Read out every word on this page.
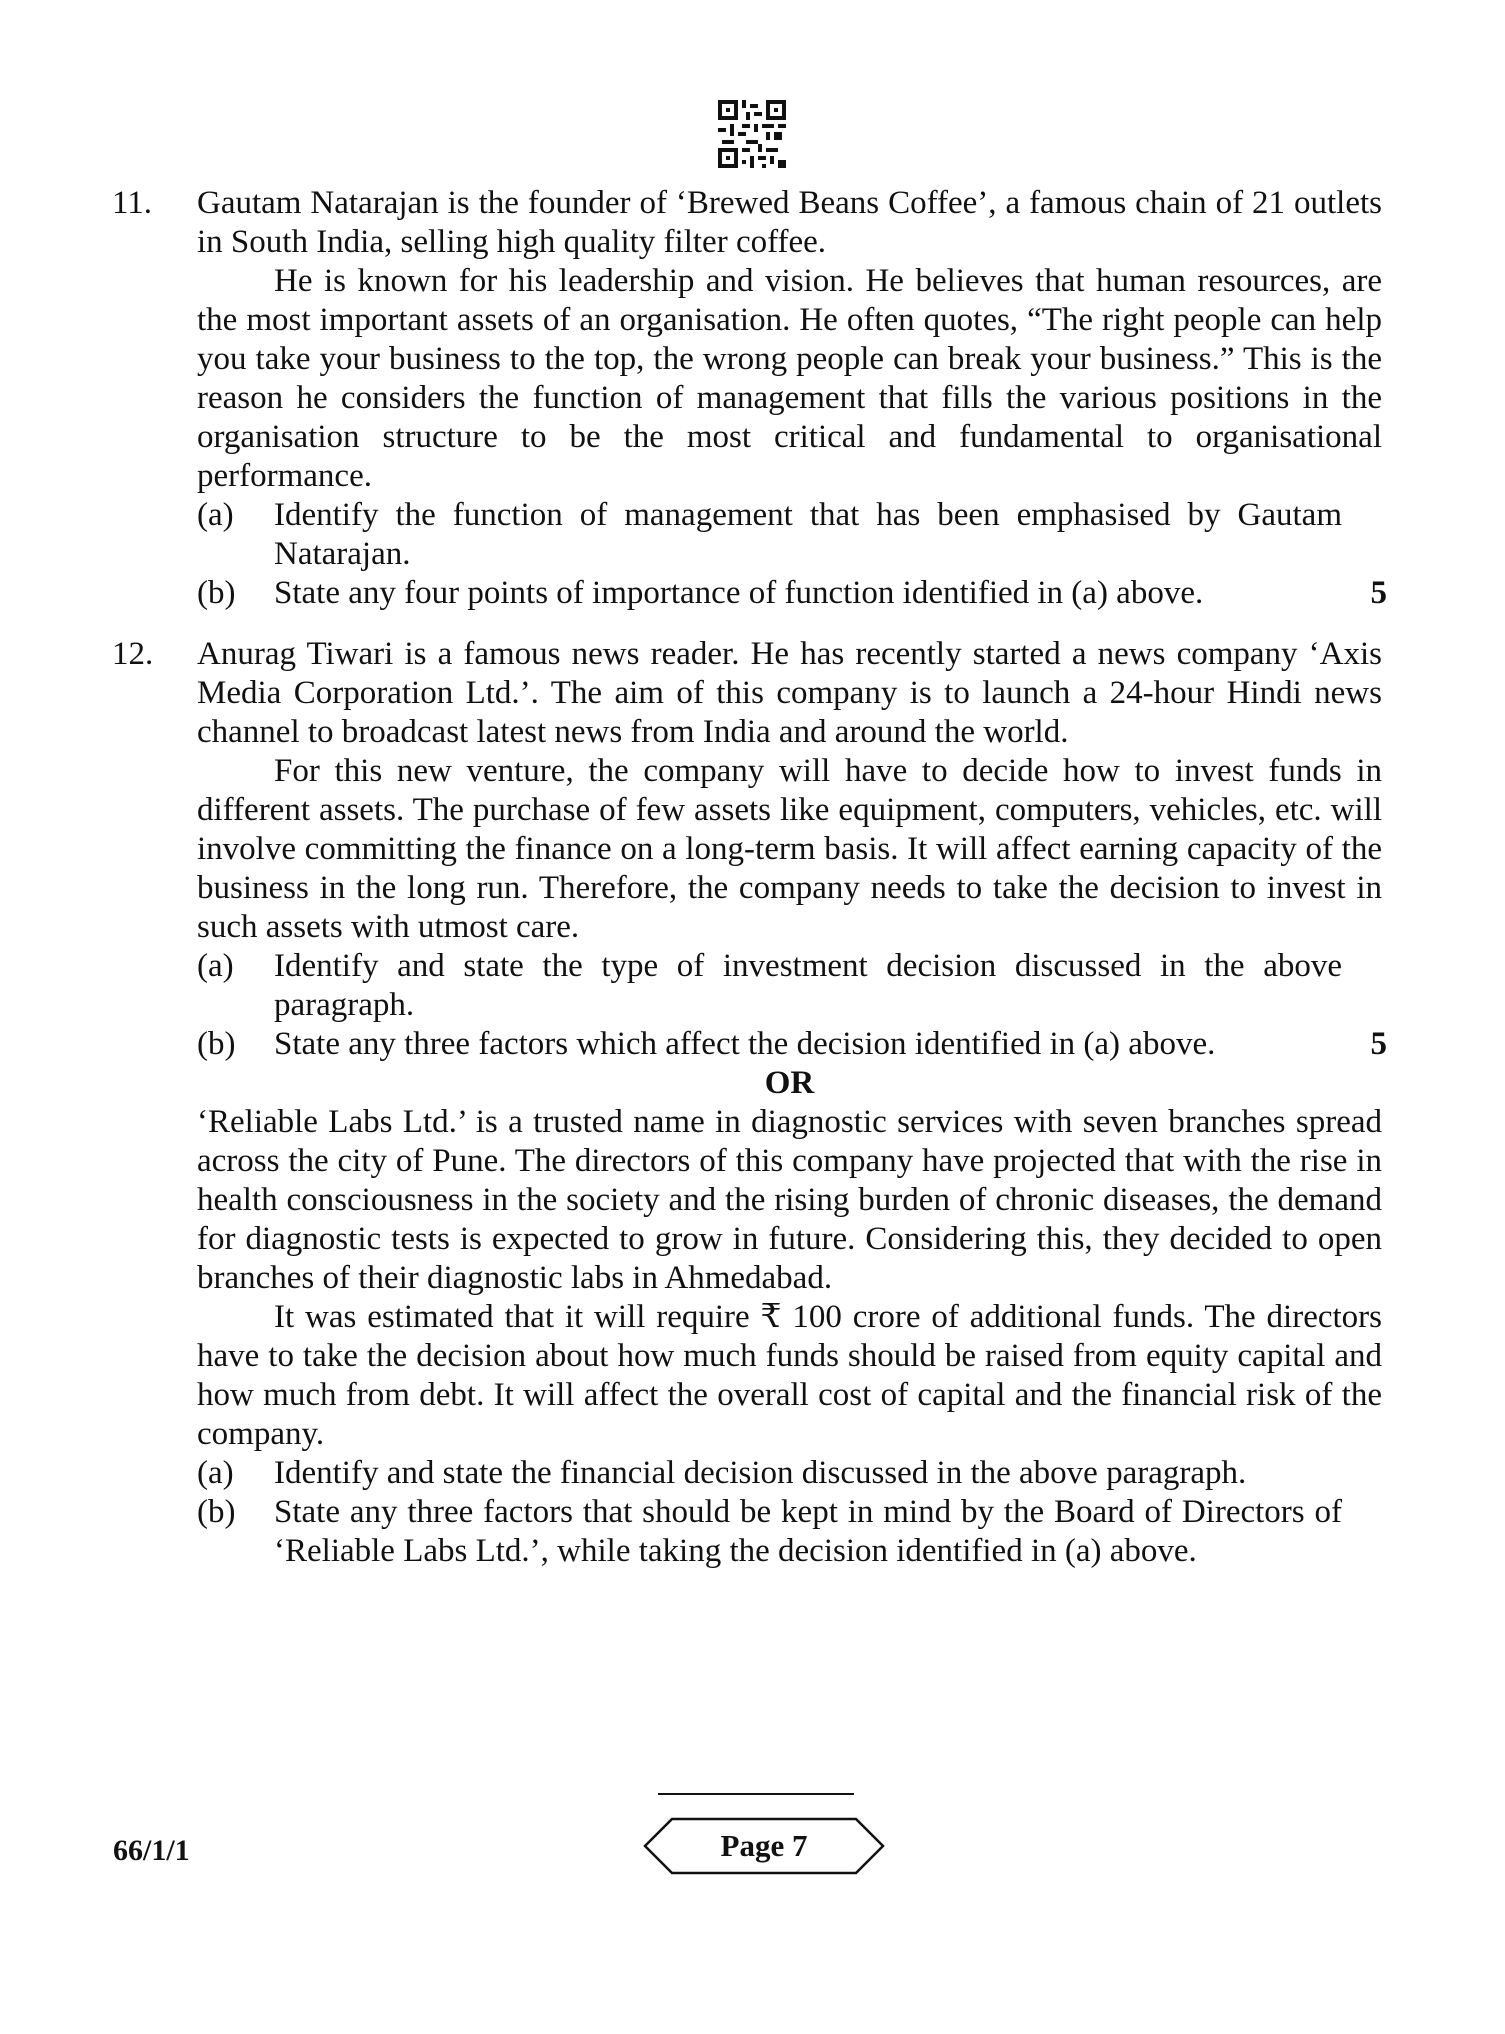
11.	Gautam Natarajan is the founder of ‘Brewed Beans Coffee’, a famous chain of 21 outlets in South India, selling high quality filter coffee.

He is known for his leadership and vision. He believes that human resources, are the most important assets of an organisation. He often quotes, “The right people can help you take your business to the top, the wrong people can break your business.” This is the reason he considers the function of management that fills the various positions in the organisation structure to be the most critical and fundamental to organisational performance.

(a) Identify the function of management that has been emphasised by Gautam Natarajan.
(b) State any four points of importance of function identified in (a) above.	5
12.	Anurag Tiwari is a famous news reader. He has recently started a news company ‘Axis Media Corporation Ltd.’. The aim of this company is to launch a 24-hour Hindi news channel to broadcast latest news from India and around the world.

For this new venture, the company will have to decide how to invest funds in different assets. The purchase of few assets like equipment, computers, vehicles, etc. will involve committing the finance on a long-term basis. It will affect earning capacity of the business in the long run. Therefore, the company needs to take the decision to invest in such assets with utmost care.

(a) Identify and state the type of investment decision discussed in the above paragraph.
(b) State any three factors which affect the decision identified in (a) above.	5

OR

‘Reliable Labs Ltd.’ is a trusted name in diagnostic services with seven branches spread across the city of Pune. The directors of this company have projected that with the rise in health consciousness in the society and the rising burden of chronic diseases, the demand for diagnostic tests is expected to grow in future. Considering this, they decided to open branches of their diagnostic labs in Ahmedabad.

It was estimated that it will require ₹ 100 crore of additional funds. The directors have to take the decision about how much funds should be raised from equity capital and how much from debt. It will affect the overall cost of capital and the financial risk of the company.

(a) Identify and state the financial decision discussed in the above paragraph.
(b) State any three factors that should be kept in mind by the Board of Directors of ‘Reliable Labs Ltd.’, while taking the decision identified in (a) above.
66/1/1	Page 7
